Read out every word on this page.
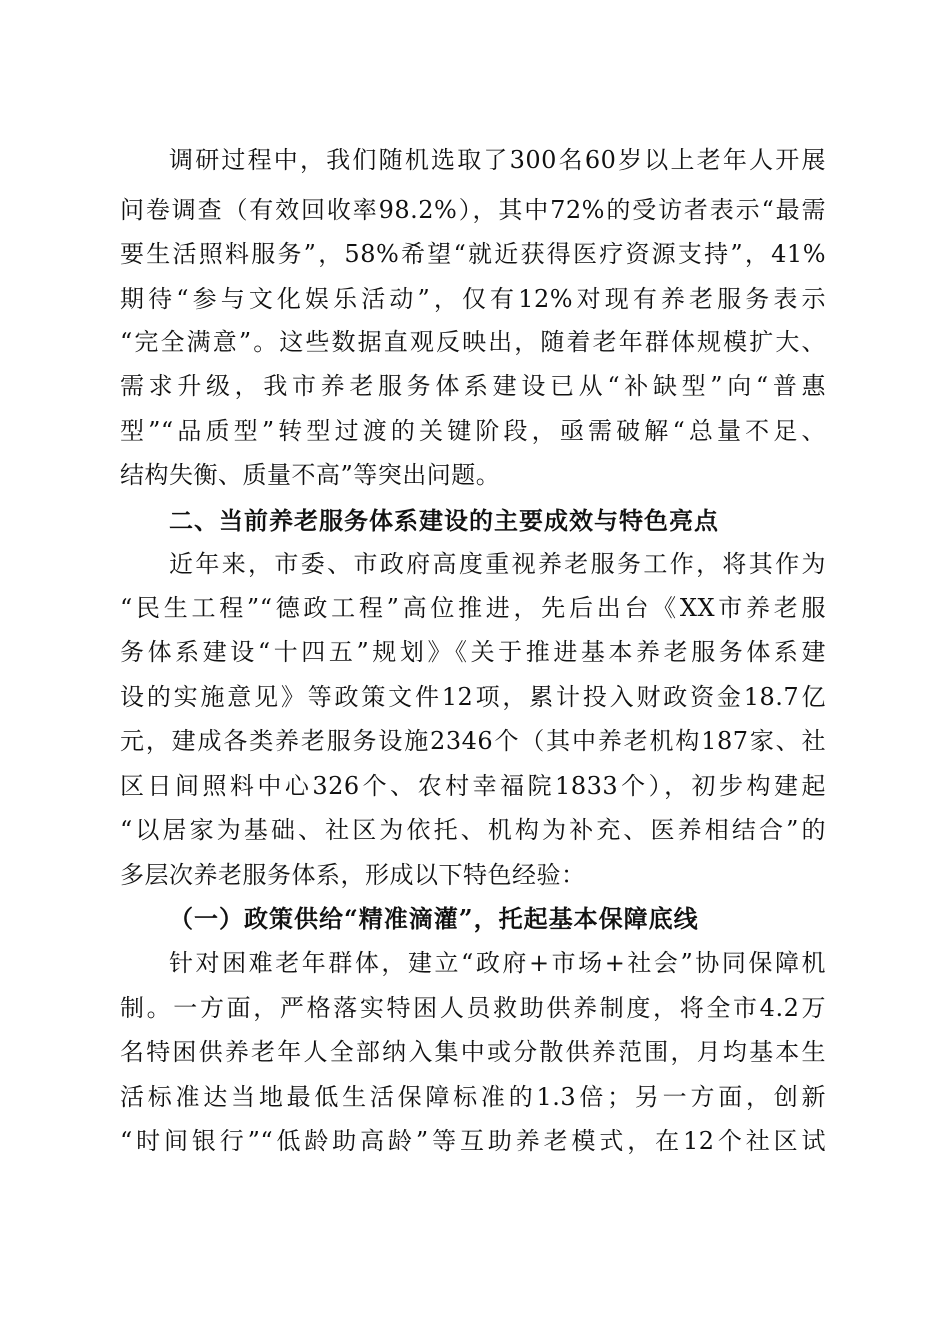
调研过程中，我们随机选取了300名60岁以上老年人开展
问卷调查（有效回收率98.2%），其中72%的受访者表示“最需
要生活照料服务”，58%希望“就近获得医疗资源支持”，41%
期待“参与文化娱乐活动”，仅有12%对现有养老服务表示
“完全满意”。这些数据直观反映出，随着老年群体规模扩大、
需求升级，我市养老服务体系建设已从“补缺型”向“普惠
型”“品质型”转型过渡的关键阶段，亟需破解“总量不足、
结构失衡、质量不高”等突出问题。
二、当前养老服务体系建设的主要成效与特色亮点
近年来，市委、市政府高度重视养老服务工作，将其作为
“民生工程”“德政工程”高位推进，先后出台《XX市养老服
务体系建设“十四五”规划》《关于推进基本养老服务体系建
设的实施意见》等政策文件12项，累计投入财政资金18.7亿
元，建成各类养老服务设施2346个（其中养老机构187家、社
区日间照料中心326个、农村幸福院1833个），初步构建起
“以居家为基础、社区为依托、机构为补充、医养相结合”的
多层次养老服务体系，形成以下特色经验：
（一）政策供给“精准滴灌”，托起基本保障底线
针对困难老年群体，建立“政府+市场+社会”协同保障机
制。一方面，严格落实特困人员救助供养制度，将全市4.2万
名特困供养老年人全部纳入集中或分散供养范围，月均基本生
活标准达当地最低生活保障标准的1.3倍；另一方面，创新
“时间银行”“低龄助高龄”等互助养老模式，在12个社区试
